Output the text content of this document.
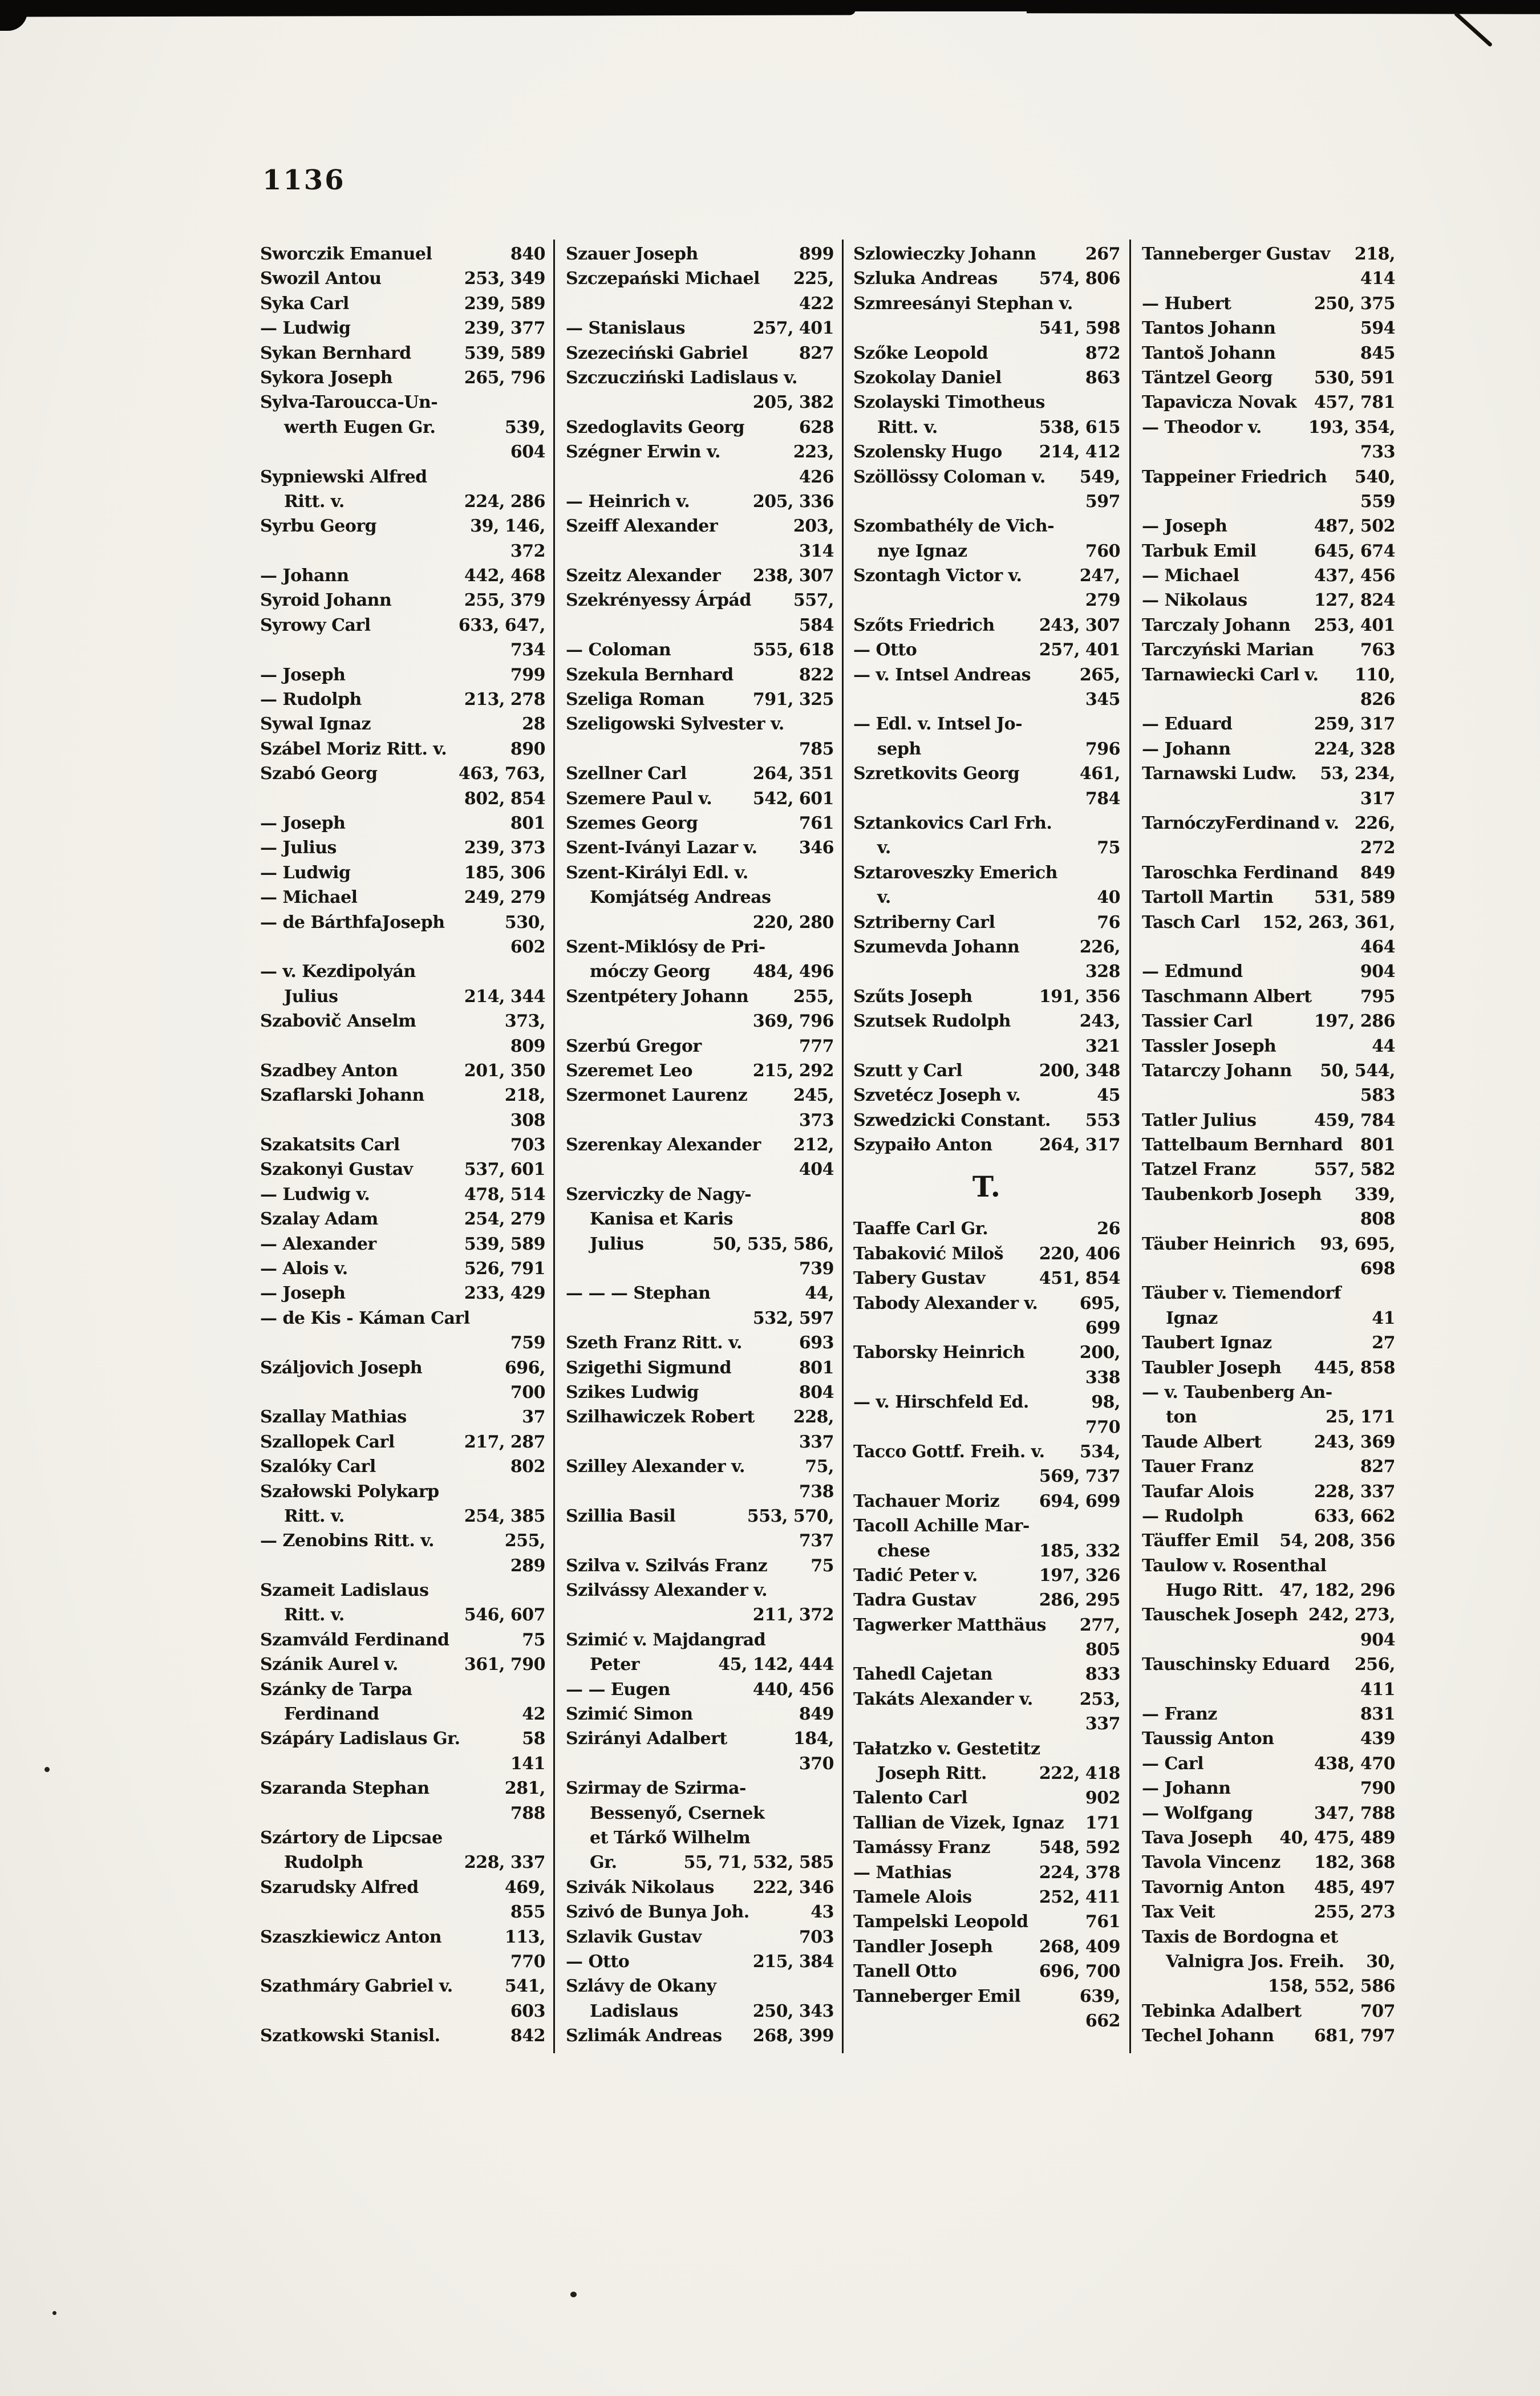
1136
Sworczik Emanuel	840
Swozil Antou	253, 349
Syka Carl	239, 589
— Ludwig	239, 377
Sykan Bernhard	539, 589
Sykora Joseph	265, 796
Sylva-Taroucca-Un-
werth Eugen Gr.	539,
604
Sypniewski Alfred
Ritt. v.	224, 286
Syrbu Georg	39, 146,
372
— Johann	442, 468
Syroid Johann	255, 379
Syrowy Carl	633, 647,
734
— Joseph	799
— Rudolph	213, 278
Sywal Ignaz	28
Szábel Moriz Ritt. v.	890
Szabó Georg	463, 763,
802, 854
— Joseph	801
— Julius	239, 373
— Ludwig	185, 306
— Michael	249, 279
— de BárthfaJoseph	530,
602
— v. Kezdipolyán
Julius	214, 344
Szabovič Anselm	373,
809
Szadbey Anton	201, 350
Szaflarski Johann	218,
308
Szakatsits Carl	703
Szakonyi Gustav	537, 601
— Ludwig v.	478, 514
Szalay Adam	254, 279
— Alexander	539, 589
— Alois v.	526, 791
— Joseph	233, 429
— de Kis - Káman Carl
759
Száljovich Joseph	696,
700
Szallay Mathias	37
Szallopek Carl	217, 287
Szalóky Carl	802
Szałowski Polykarp
Ritt. v.	254, 385
— Zenobins Ritt. v.	255,
289
Szameit Ladislaus
Ritt. v.	546, 607
Szamváld Ferdinand	75
Szánik Aurel v.	361, 790
Szánky de Tarpa
Ferdinand	42
Szápáry Ladislaus Gr.	58
141
Szaranda Stephan	281,
788
Szártory de Lipcsae
Rudolph	228, 337
Szarudsky Alfred	469,
855
Szaszkiewicz Anton	113,
770
Szathmáry Gabriel v.	541,
603
Szatkowski Stanisl.	842
Szauer Joseph	899
Szczepański Michael	225,
422
— Stanislaus	257, 401
Szezeciński Gabriel	827
Szczucziński Ladislaus v.
205, 382
Szedoglavits Georg	628
Szégner Erwin v.	223,
426
— Heinrich v.	205, 336
Szeiff Alexander	203,
314
Szeitz Alexander	238, 307
Szekrényessy Árpád	557,
584
— Coloman	555, 618
Szekula Bernhard	822
Szeliga Roman	791, 325
Szeligowski Sylvester v.
785
Szellner Carl	264, 351
Szemere Paul v.	542, 601
Szemes Georg	761
Szent-Iványi Lazar v.	346
Szent-Királyi Edl. v.
Komjátség Andreas
220, 280
Szent-Miklósy de Pri-
móczy Georg	484, 496
Szentpétery Johann	255,
369, 796
Szerbú Gregor	777
Szeremet Leo	215, 292
Szermonet Laurenz	245,
373
Szerenkay Alexander	212,
404
Szerviczky de Nagy-
Kanisa et Karis
Julius	50, 535, 586,
739
— — — Stephan	44,
532, 597
Szeth Franz Ritt. v.	693
Szigethi Sigmund	801
Szikes Ludwig	804
Szilhawiczek Robert	228,
337
Szilley Alexander v.	75,
738
Szillia Basil	553, 570,
737
Szilva v. Szilvás Franz	75
Szilvássy Alexander v.
211, 372
Szimić v. Majdangrad
Peter	45, 142, 444
— — Eugen	440, 456
Szimić Simon	849
Szirányi Adalbert	184,
370
Szirmay de Szirma-
Bessenyő, Csernek
et Tárkő Wilhelm
Gr.	55, 71, 532, 585
Szivák Nikolaus	222, 346
Szivó de Bunya Joh.	43
Szlavik Gustav	703
— Otto	215, 384
Szlávy de Okany
Ladislaus	250, 343
Szlimák Andreas	268, 399
Szlowieczky Johann	267
Szluka Andreas	574, 806
Szmreesányi Stephan v.
541, 598
Szőke Leopold	872
Szokolay Daniel	863
Szolayski Timotheus
Ritt. v.	538, 615
Szolensky Hugo	214, 412
Szöllössy Coloman v.	549,
597
Szombathély de Vich-
nye Ignaz	760
Szontagh Victor v.	247,
279
Szőts Friedrich	243, 307
— Otto	257, 401
— v. Intsel Andreas	265,
345
— Edl. v. Intsel Jo-
seph	796
Szretkovits Georg	461,
784
Sztankovics Carl Frh.
v.	75
Sztaroveszky Emerich
v.	40
Sztriberny Carl	76
Szumevda Johann	226,
328
Szűts Joseph	191, 356
Szutsek Rudolph	243,
321
Szutt y Carl	200, 348
Szvetécz Joseph v.	45
Szwedzicki Constant.	553
Szypaiło Anton	264, 317
T.
Taaffe Carl Gr.	26
Tabaković Miloš	220, 406
Tabery Gustav	451, 854
Tabody Alexander v.	695,
699
Taborsky Heinrich	200,
338
— v. Hirschfeld Ed.	98,
770
Tacco Gottf. Freih. v.	534,
569, 737
Tachauer Moriz	694, 699
Tacoll Achille Mar-
chese	185, 332
Tadić Peter v.	197, 326
Tadra Gustav	286, 295
Tagwerker Matthäus	277,
805
Tahedl Cajetan	833
Takáts Alexander v.	253,
337
Tałatzko v. Gestetitz
Joseph Ritt.	222, 418
Talento Carl	902
Tallian de Vizek, Ignaz	171
Tamássy Franz	548, 592
— Mathias	224, 378
Tamele Alois	252, 411
Tampelski Leopold	761
Tandler Joseph	268, 409
Tanell Otto	696, 700
Tanneberger Emil	639,
662
Tanneberger Gustav	218,
414
— Hubert	250, 375
Tantos Johann	594
Tantoš Johann	845
Täntzel Georg	530, 591
Tapavicza Novak	457, 781
— Theodor v.	193, 354,
733
Tappeiner Friedrich	540,
559
— Joseph	487, 502
Tarbuk Emil	645, 674
— Michael	437, 456
— Nikolaus	127, 824
Tarczaly Johann	253, 401
Tarczyński Marian	763
Tarnawiecki Carl v.	110,
826
— Eduard	259, 317
— Johann	224, 328
Tarnawski Ludw.	53, 234,
317
TarnóczyFerdinand v. 226,
272
Taroschka Ferdinand	849
Tartoll Martin	531, 589
Tasch Carl	152, 263, 361,
464
— Edmund	904
Taschmann Albert	795
Tassier Carl	197, 286
Tassler Joseph	44
Tatarczy Johann	50, 544,
583
Tatler Julius	459, 784
Tattelbaum Bernhard	801
Tatzel Franz	557, 582
Taubenkorb Joseph	339,
808
Täuber Heinrich	93, 695,
698
Täuber v. Tiemendorf
Ignaz	41
Taubert Ignaz	27
Taubler Joseph	445, 858
— v. Taubenberg An-
ton	25, 171
Taude Albert	243, 369
Tauer Franz	827
Taufar Alois	228, 337
— Rudolph	633, 662
Täuffer Emil	54, 208, 356
Taulow v. Rosenthal
Hugo Ritt. 47, 182, 296
Tauschek Joseph 242, 273,
904
Tauschinsky Eduard	256,
411
— Franz	831
Taussig Anton	439
— Carl	438, 470
— Johann	790
— Wolfgang	347, 788
Tava Joseph	40, 475, 489
Tavola Vincenz	182, 368
Tavornig Anton	485, 497
Tax Veit	255, 273
Taxis de Bordogna et
Valnigra Jos. Freih.	30,
158, 552, 586
Tebinka Adalbert	707
Techel Johann	681, 797
